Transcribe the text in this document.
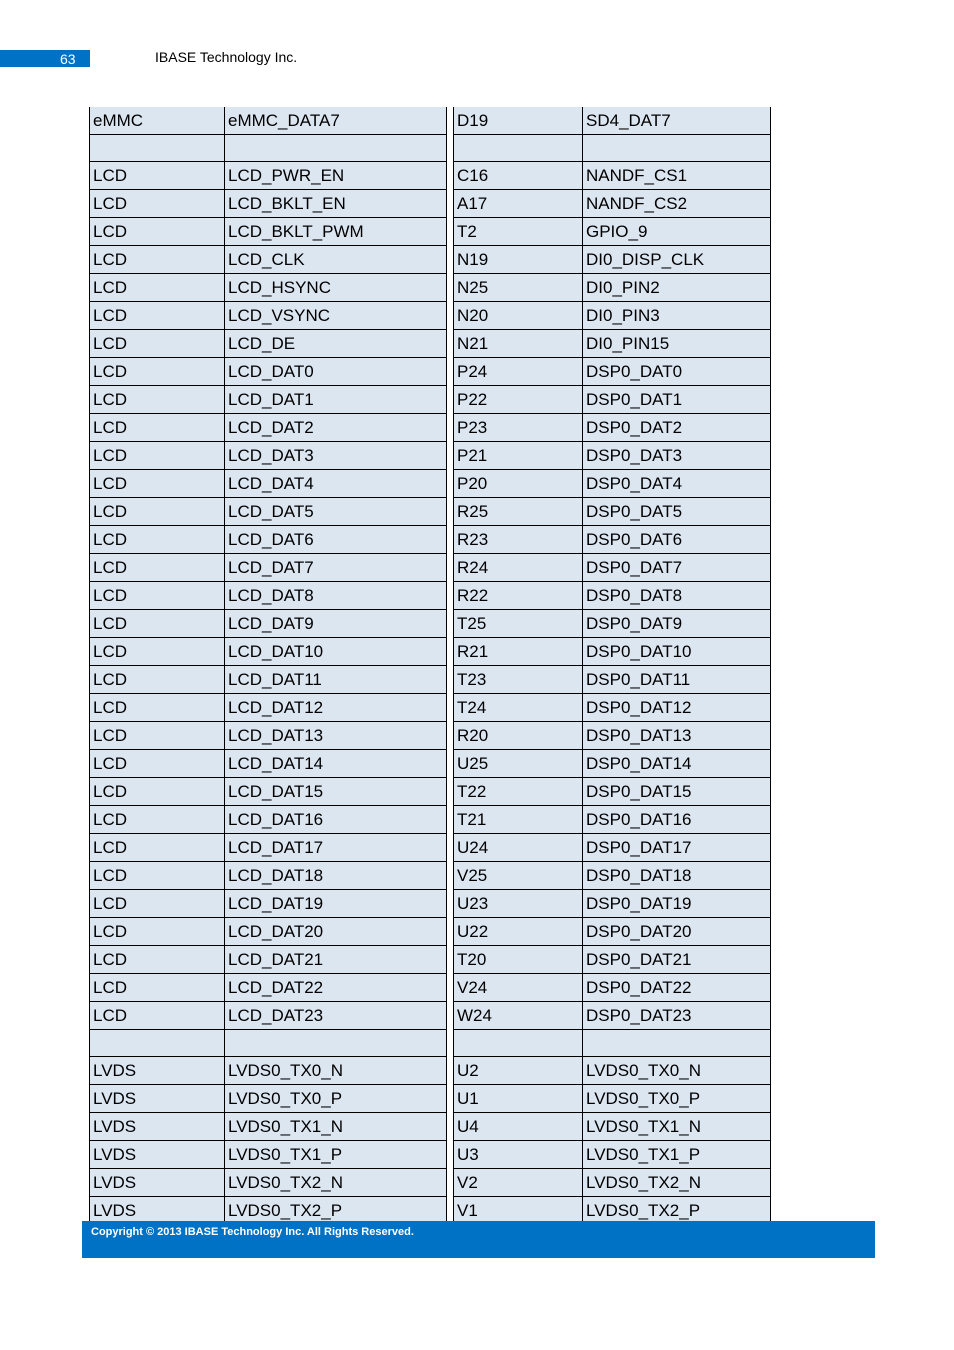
63	IBASE Technology Inc.
eMMC	eMMC_DATA7		D19	SD4_DAT7

LCD	LCD_PWR_EN		C16	NANDF_CS1
LCD	LCD_BKLT_EN		A17	NANDF_CS2
LCD	LCD_BKLT_PWM		T2	GPIO_9
LCD	LCD_CLK		N19	DI0_DISP_CLK
LCD	LCD_HSYNC		N25	DI0_PIN2
LCD	LCD_VSYNC		N20	DI0_PIN3
LCD	LCD_DE		N21	DI0_PIN15
LCD	LCD_DAT0		P24	DSP0_DAT0
LCD	LCD_DAT1		P22	DSP0_DAT1
LCD	LCD_DAT2		P23	DSP0_DAT2
LCD	LCD_DAT3		P21	DSP0_DAT3
LCD	LCD_DAT4		P20	DSP0_DAT4
LCD	LCD_DAT5		R25	DSP0_DAT5
LCD	LCD_DAT6		R23	DSP0_DAT6
LCD	LCD_DAT7		R24	DSP0_DAT7
LCD	LCD_DAT8		R22	DSP0_DAT8
LCD	LCD_DAT9		T25	DSP0_DAT9
LCD	LCD_DAT10		R21	DSP0_DAT10
LCD	LCD_DAT11		T23	DSP0_DAT11
LCD	LCD_DAT12		T24	DSP0_DAT12
LCD	LCD_DAT13		R20	DSP0_DAT13
LCD	LCD_DAT14		U25	DSP0_DAT14
LCD	LCD_DAT15		T22	DSP0_DAT15
LCD	LCD_DAT16		T21	DSP0_DAT16
LCD	LCD_DAT17		U24	DSP0_DAT17
LCD	LCD_DAT18		V25	DSP0_DAT18
LCD	LCD_DAT19		U23	DSP0_DAT19
LCD	LCD_DAT20		U22	DSP0_DAT20
LCD	LCD_DAT21		T20	DSP0_DAT21
LCD	LCD_DAT22		V24	DSP0_DAT22
LCD	LCD_DAT23		W24	DSP0_DAT23

LVDS	LVDS0_TX0_N		U2	LVDS0_TX0_N
LVDS	LVDS0_TX0_P		U1	LVDS0_TX0_P
LVDS	LVDS0_TX1_N		U4	LVDS0_TX1_N
LVDS	LVDS0_TX1_P		U3	LVDS0_TX1_P
LVDS	LVDS0_TX2_N		V2	LVDS0_TX2_N
LVDS	LVDS0_TX2_P		V1	LVDS0_TX2_P
Copyright © 2013 IBASE Technology Inc. All Rights Reserved.
